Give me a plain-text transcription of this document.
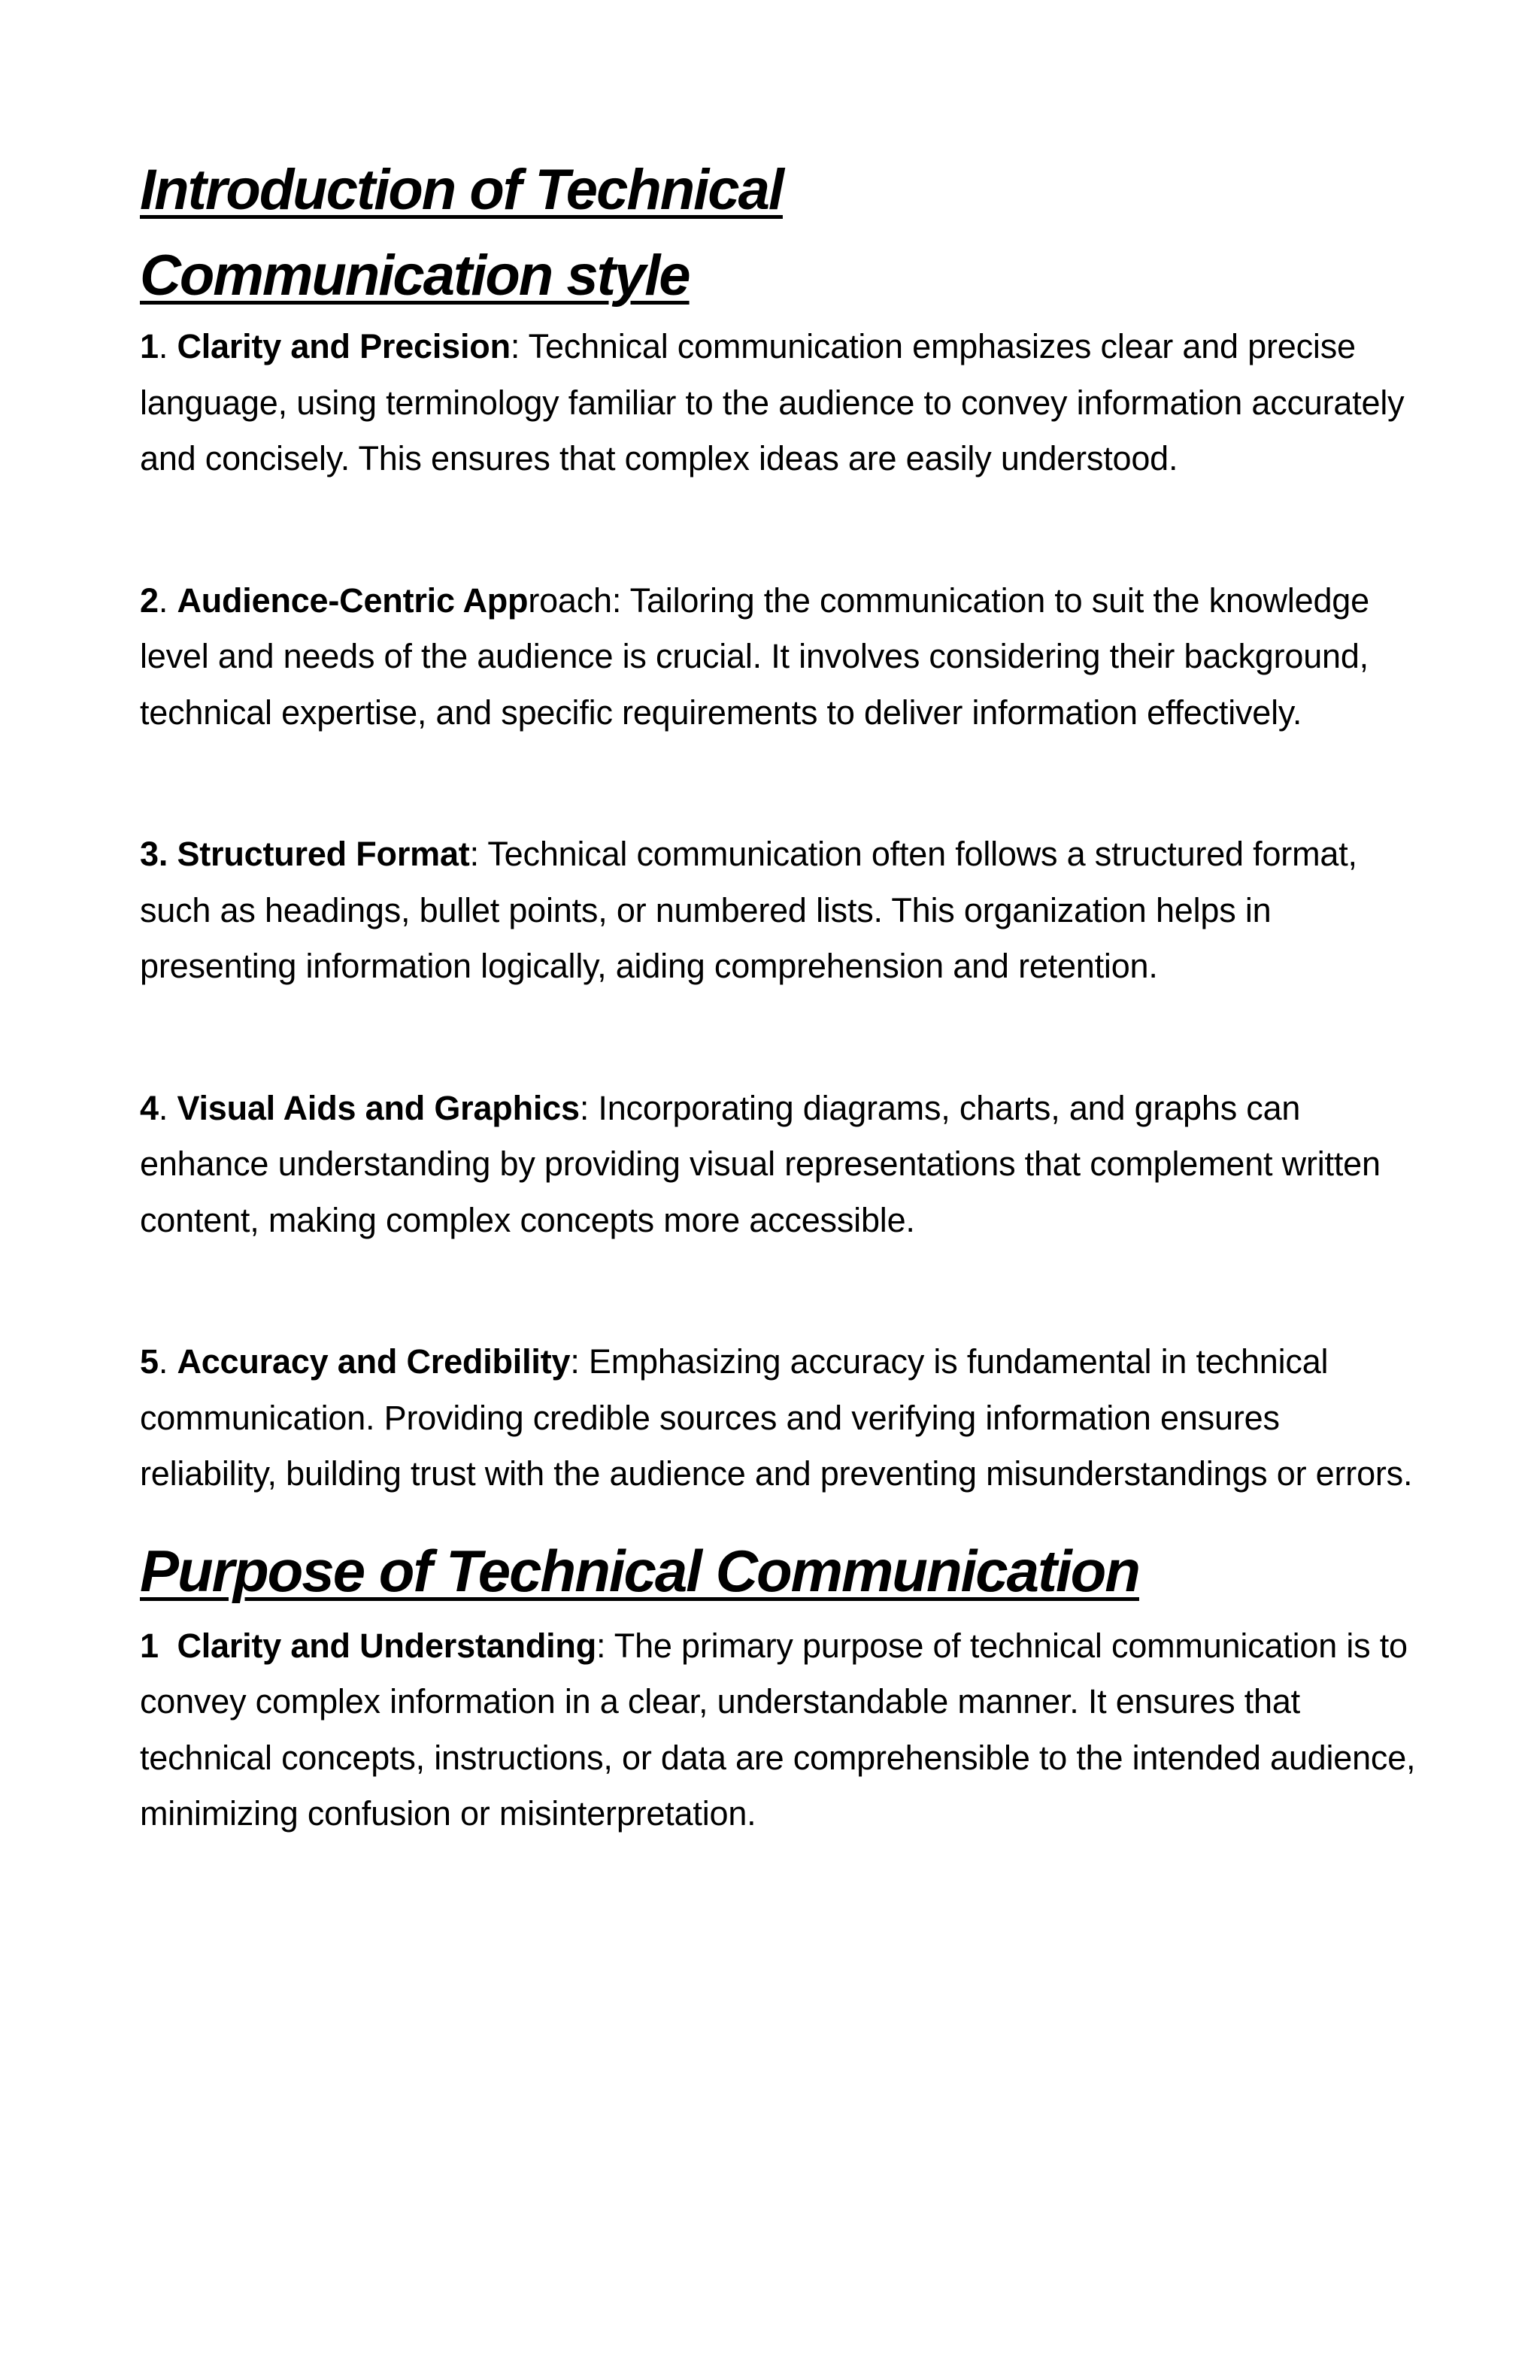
Introduction of Technical Communication style

1. Clarity and Precision: Technical communication emphasizes clear and precise language, using terminology familiar to the audience to convey information accurately and concisely. This ensures that complex ideas are easily understood.

2. Audience-Centric Approach: Tailoring the communication to suit the knowledge level and needs of the audience is crucial. It involves considering their background, technical expertise, and specific requirements to deliver information effectively.

3. Structured Format: Technical communication often follows a structured format, such as headings, bullet points, or numbered lists. This organization helps in presenting information logically, aiding comprehension and retention.

4. Visual Aids and Graphics: Incorporating diagrams, charts, and graphs can enhance understanding by providing visual representations that complement written content, making complex concepts more accessible.

5. Accuracy and Credibility: Emphasizing accuracy is fundamental in technical communication. Providing credible sources and verifying information ensures reliability, building trust with the audience and preventing misunderstandings or errors.

Purpose of Technical Communication

1 Clarity and Understanding: The primary purpose of technical communication is to convey complex information in a clear, understandable manner. It ensures that technical concepts, instructions, or data are comprehensible to the intended audience, minimizing confusion or misinterpretation.
